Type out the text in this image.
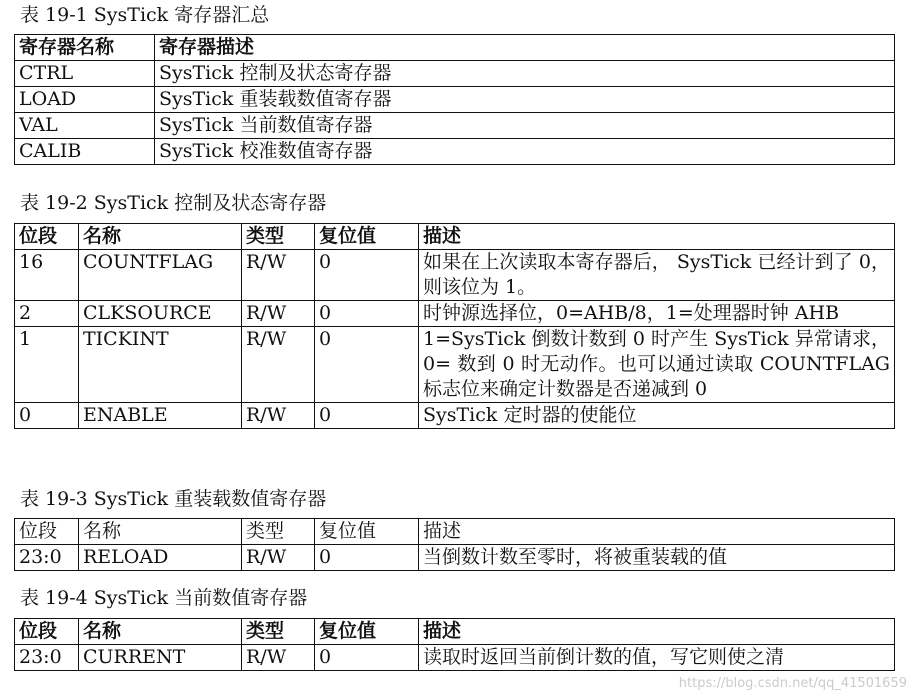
表 19-1 SysTick 寄存器汇总
寄存器名称	寄存器描述
CTRL	SysTick 控制及状态寄存器
LOAD	SysTick 重装载数值寄存器
VAL	SysTick 当前数值寄存器
CALIB	SysTick 校准数值寄存器
表 19-2 SysTick 控制及状态寄存器
位段	名称	类型	复位值	描述
16	COUNTFLAG	R/W	0	如果在上次读取本寄存器后， SysTick 已经计到了 0，则该位为 1。
2	CLKSOURCE	R/W	0	时钟源选择位，0=AHB/8，1=处理器时钟 AHB
1	TICKINT	R/W	0	1=SysTick 倒数计数到 0 时产生 SysTick 异常请求， 0= 数到 0 时无动作。也可以通过读取 COUNTFLAG 标志位来确定计数器是否递减到 0
0	ENABLE	R/W	0	SysTick 定时器的使能位
表 19-3 SysTick 重装载数值寄存器
位段	名称	类型	复位值	描述
23:0	RELOAD	R/W	0	当倒数计数至零时，将被重装载的值
表 19-4 SysTick 当前数值寄存器
位段	名称	类型	复位值	描述
23:0	CURRENT	R/W	0	读取时返回当前倒计数的值，写它则使之清
https://blog.csdn.net/qq_41501659
